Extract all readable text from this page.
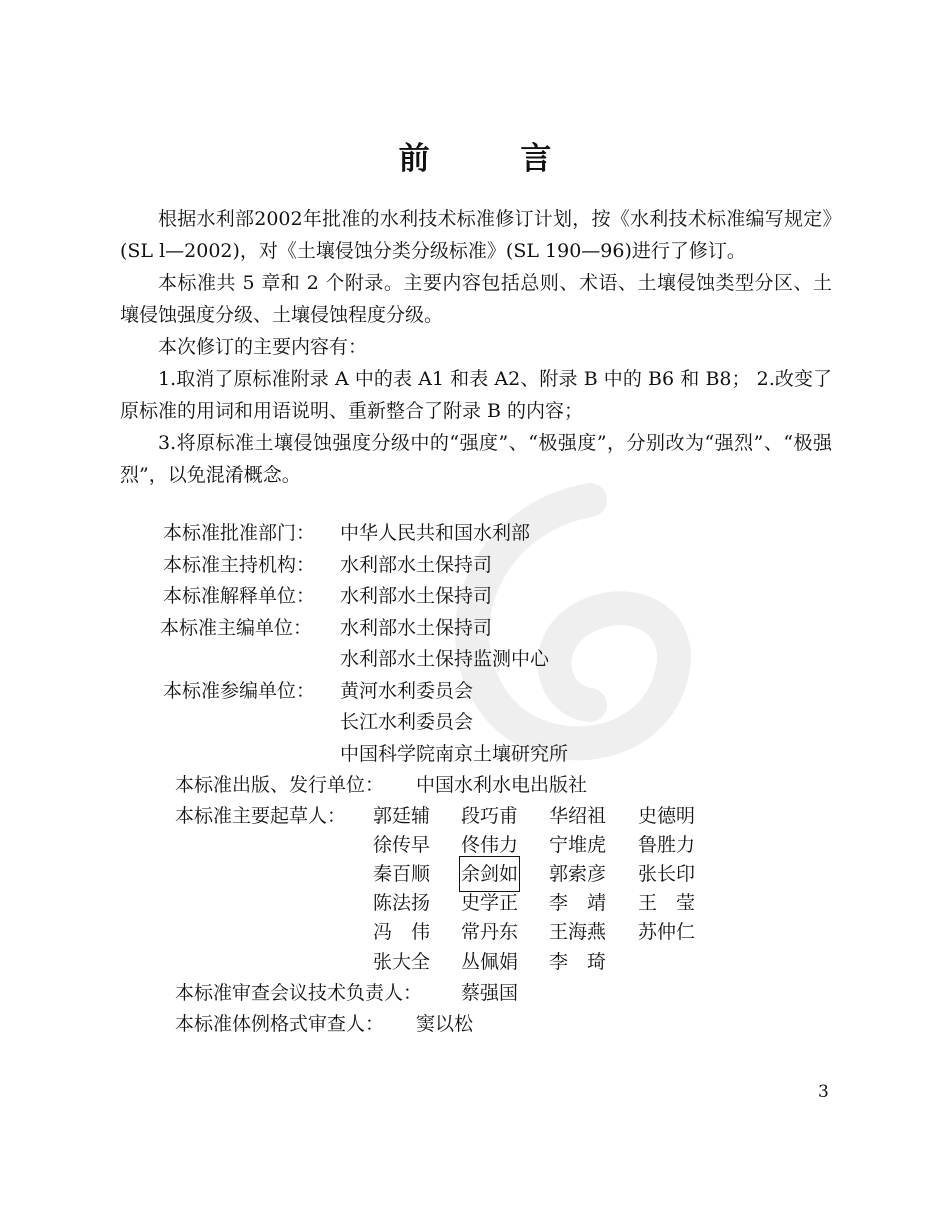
前 言

根据水利部2002年批准的水利技术标准修订计划，按《水利技术标准编写规定》(SL l—2002)，对《土壤侵蚀分类分级标准》(SL 190—96)进行了修订。

本标准共 5 章和 2 个附录。主要内容包括总则、术语、土壤侵蚀类型分区、土壤侵蚀强度分级、土壤侵蚀程度分级。

本次修订的主要内容有：

1.取消了原标准附录 A 中的表 A1 和表 A2、附录 B 中的 B6 和 B8； 2.改变了原标准的用词和用语说明、重新整合了附录 B 的内容；

3.将原标准土壤侵蚀强度分级中的“强度”、“极强度”，分别改为“强烈”、“极强烈”，以免混淆概念。

本标准批准部门： 中华人民共和国水利部
本标准主持机构： 水利部水土保持司
本标准解释单位： 水利部水土保持司
本标准主编单位： 水利部水土保持司
水利部水土保持监测中心
本标准参编单位： 黄河水利委员会
长江水利委员会
中国科学院南京土壤研究所
本标准出版、发行单位： 中国水利水电出版社
本标准主要起草人： 郭廷辅 段巧甫 华绍祖 史德明
徐传早 佟伟力 宁堆虎 鲁胜力
秦百顺 余剑如 郭索彦 张长印
陈法扬 史学正 李　靖 王　莹
冯　伟 常丹东 王海燕 苏仲仁
张大全 丛佩娟 李　琦
本标准审查会议技术负责人： 蔡强国
本标准体例格式审查人： 窦以松
3
